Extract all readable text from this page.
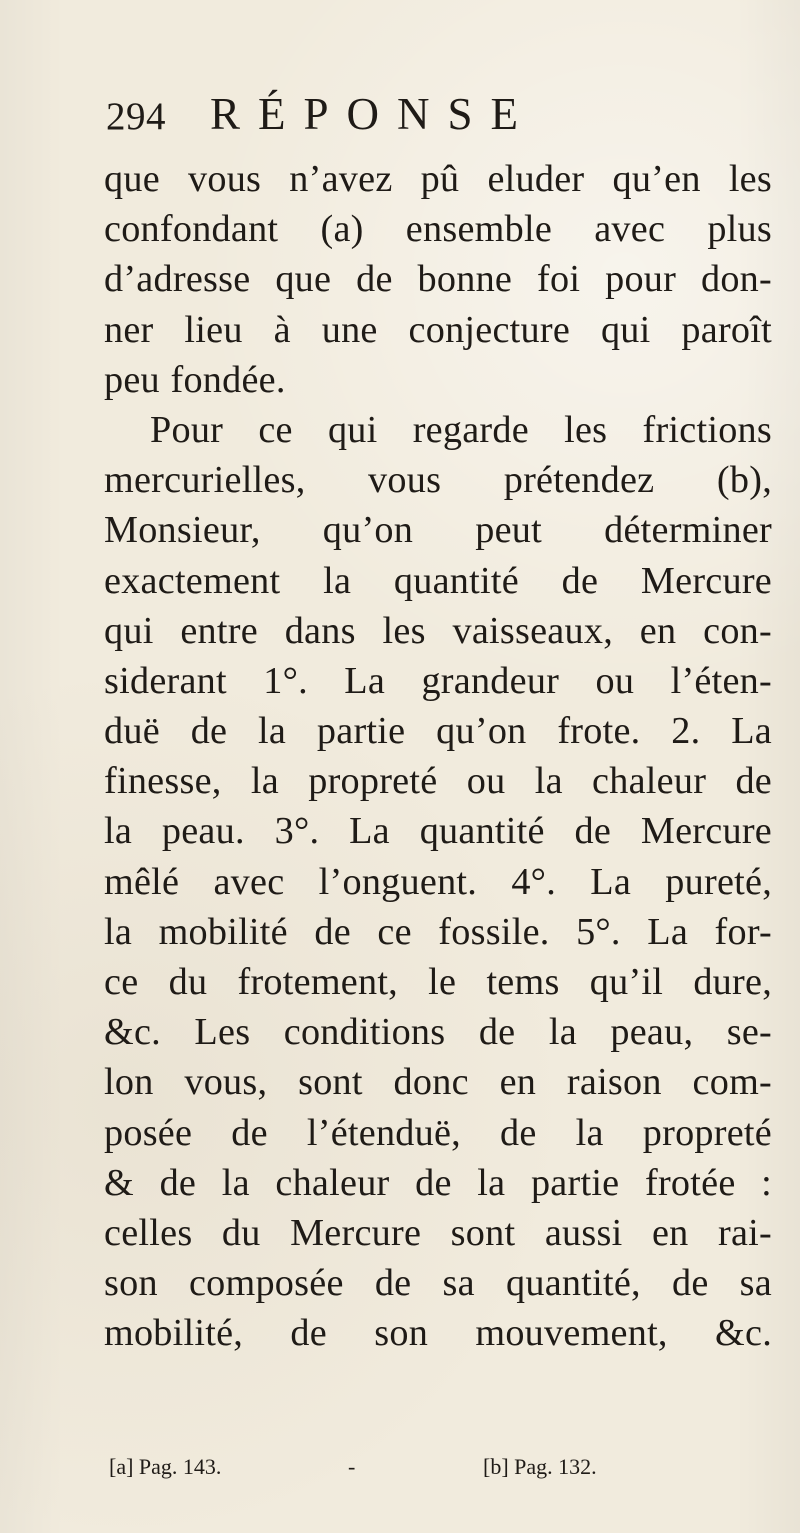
294 RÉPONSE
que vous n’avez pû eluder qu’en les
confondant (a) ensemble avec plus
d’adresse que de bonne foi pour don-
ner lieu à une conjecture qui paroît
peu fondée.
Pour ce qui regarde les frictions
mercurielles, vous prétendez (b),
Monsieur, qu’on peut déterminer
exactement la quantité de Mercure
qui entre dans les vaisseaux, en con-
siderant 1°. La grandeur ou l’éten-
duë de la partie qu’on frote. 2. La
finesse, la propreté ou la chaleur de
la peau. 3°. La quantité de Mercure
mêlé avec l’onguent. 4°. La pureté,
la mobilité de ce fossile. 5°. La for-
ce du frotement, le tems qu’il dure,
&c. Les conditions de la peau, se-
lon vous, sont donc en raison com-
posée de l’étenduë, de la propreté
& de la chaleur de la partie frotée :
celles du Mercure sont aussi en rai-
son composée de sa quantité, de sa
mobilité, de son mouvement, &c.
[a] Pag. 143.	-	[b] Pag. 132.
